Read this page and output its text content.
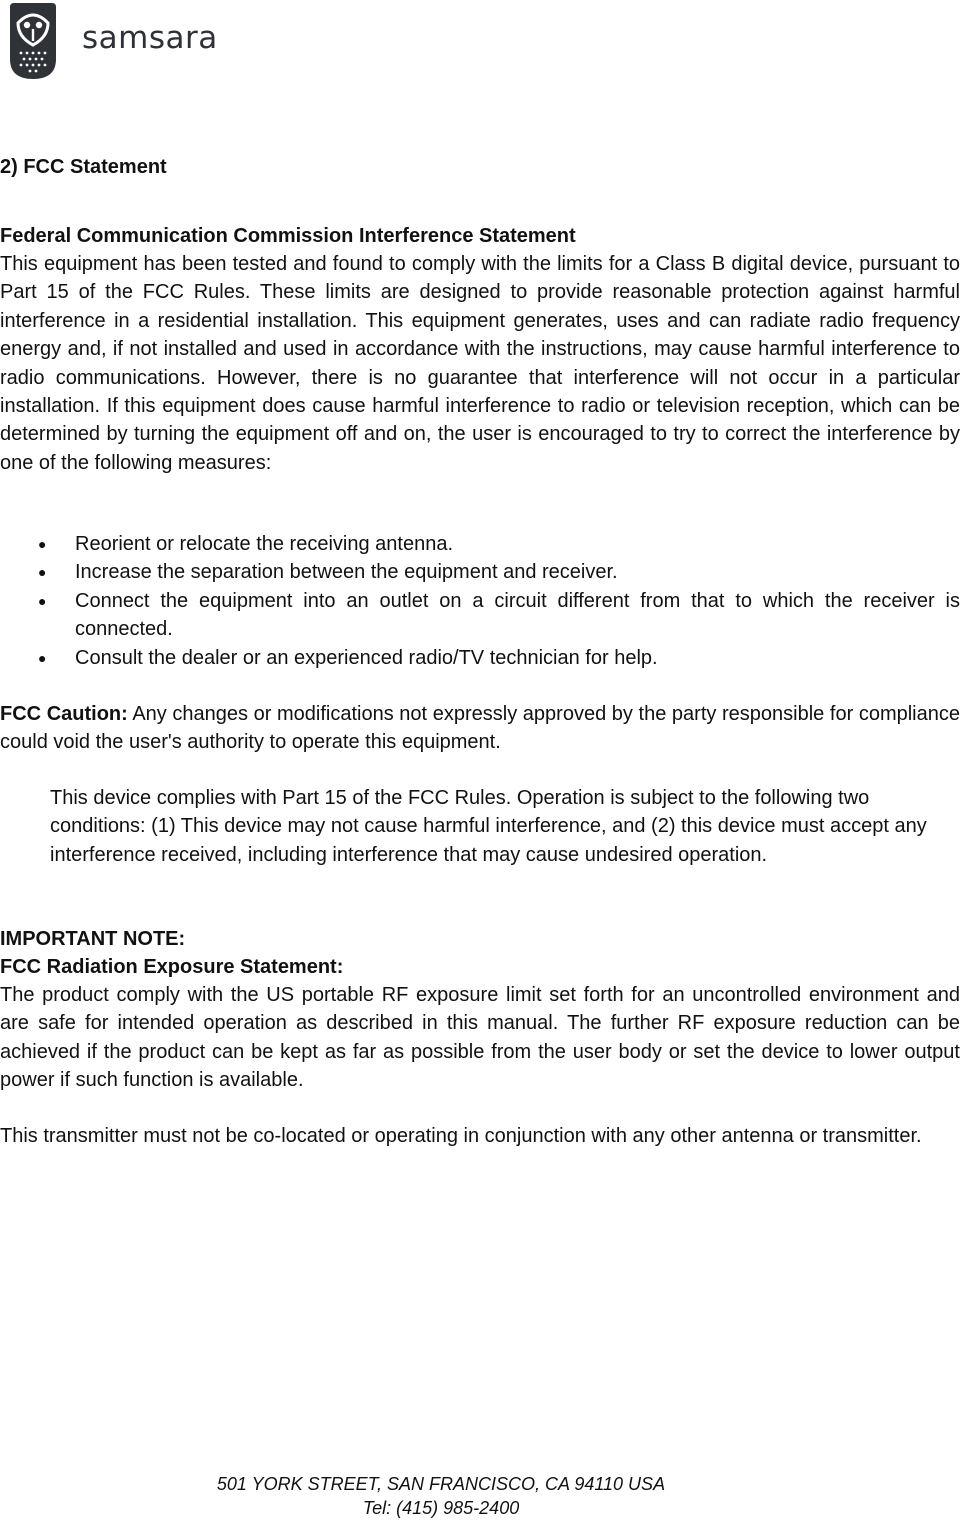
samsara
2) FCC Statement
Federal Communication Commission Interference Statement

This equipment has been tested and found to comply with the limits for a Class B digital device, pursuant to Part 15 of the FCC Rules. These limits are designed to provide reasonable protection against harmful interference in a residential installation. This equipment generates, uses and can radiate radio frequency energy and, if not installed and used in accordance with the instructions, may cause harmful interference to radio communications. However, there is no guarantee that interference will not occur in a particular installation. If this equipment does cause harmful interference to radio or television reception, which can be determined by turning the equipment off and on, the user is encouraged to try to correct the interference by one of the following measures:

● Reorient or relocate the receiving antenna.
● Increase the separation between the equipment and receiver.
● Connect the equipment into an outlet on a circuit different from that to which the receiver is connected.
● Consult the dealer or an experienced radio/TV technician for help.

FCC Caution: Any changes or modifications not expressly approved by the party responsible for compliance could void the user's authority to operate this equipment.

This device complies with Part 15 of the FCC Rules. Operation is subject to the following two conditions: (1) This device may not cause harmful interference, and (2) this device must accept any interference received, including interference that may cause undesired operation.

IMPORTANT NOTE:

FCC Radiation Exposure Statement:

The product comply with the US portable RF exposure limit set forth for an uncontrolled environment and are safe for intended operation as described in this manual. The further RF exposure reduction can be achieved if the product can be kept as far as possible from the user body or set the device to lower output power if such function is available.

This transmitter must not be co-located or operating in conjunction with any other antenna or transmitter.

501 YORK STREET, SAN FRANCISCO, CA 94110 USA
Tel: (415) 985-2400
